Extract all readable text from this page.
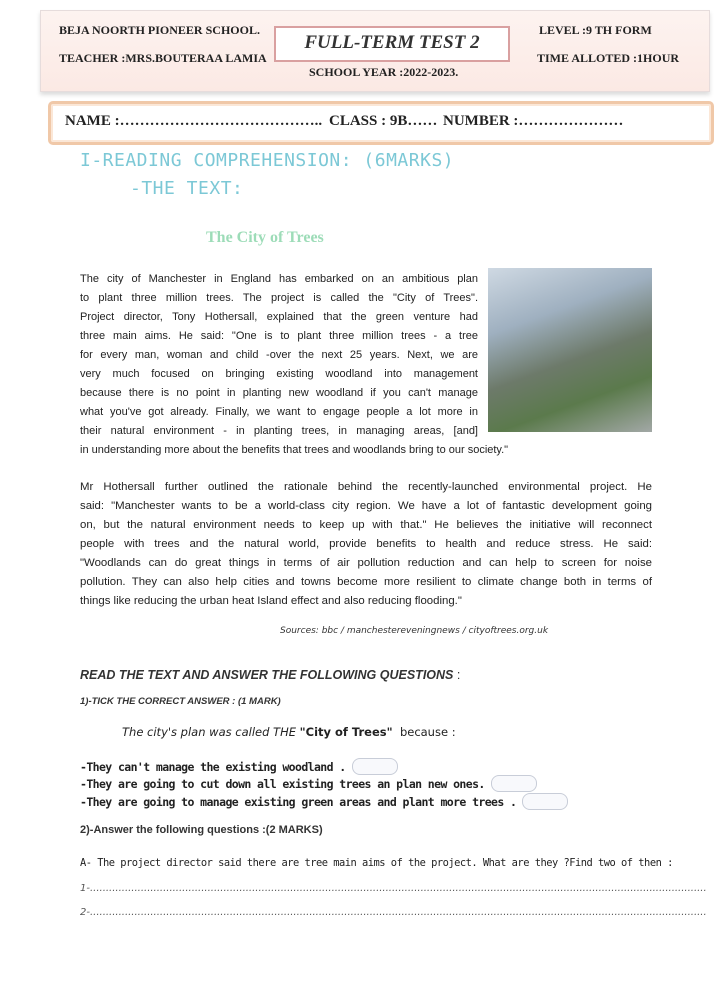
BEJA NOORTH PIONEER SCHOOL.
TEACHER :MRS.BOUTERAA LAMIA
LEVEL :9 TH FORM
TIME ALLOTED :1HOUR
SCHOOL YEAR :2022-2023.
FULL-TERM TEST 2
NAME :………………………………….. CLASS : 9B…… NUMBER :…………………
I-READING COMPREHENSION: (6MARKS)
-THE TEXT:
The City of Trees
The city of Manchester in England has embarked on an ambitious plan
to plant three million trees. The project is called the "City of Trees".
Project director, Tony Hothersall, explained that the green venture had
three main aims. He said: "One is to plant three million trees - a tree
for every man, woman and child -over the next 25 years. Next, we are
very much focused on bringing existing woodland into management
because there is no point in planting new woodland if you can't manage
what you've got already. Finally, we want to engage people a lot more in
their natural environment - in planting trees, in managing areas, [and]
in understanding more about the benefits that trees and woodlands bring to our society."
Mr Hothersall further outlined the rationale behind the recently-launched environmental project. He
said: "Manchester wants to be a world-class city region. We have a lot of fantastic development going
on, but the natural environment needs to keep up with that." He believes the initiative will reconnect
people with trees and the natural world, provide benefits to health and reduce stress. He said:
"Woodlands can do great things in terms of air pollution reduction and can help to screen for noise
pollution. They can also help cities and towns become more resilient to climate change both in terms of
things like reducing the urban heat Island effect and also reducing flooding."
Sources: bbc / manchestereveningnews / cityoftrees.org.uk
READ THE TEXT AND ANSWER THE FOLLOWING QUESTIONS :
1)-TICK THE CORRECT ANSWER : (1 MARK)
The city's plan was called THE "City of Trees" because :
-They can't manage the existing woodland .
-They are going to cut down all existing trees an plan new ones.
-They are going to manage existing green areas and plant more trees .
2)-Answer the following questions :(2 MARKS)
A- The project director said there are tree main aims of the project. What are they ?Find two of then :
1-..................................................................................................................................................................................................
2-..................................................................................................................................................................................................
